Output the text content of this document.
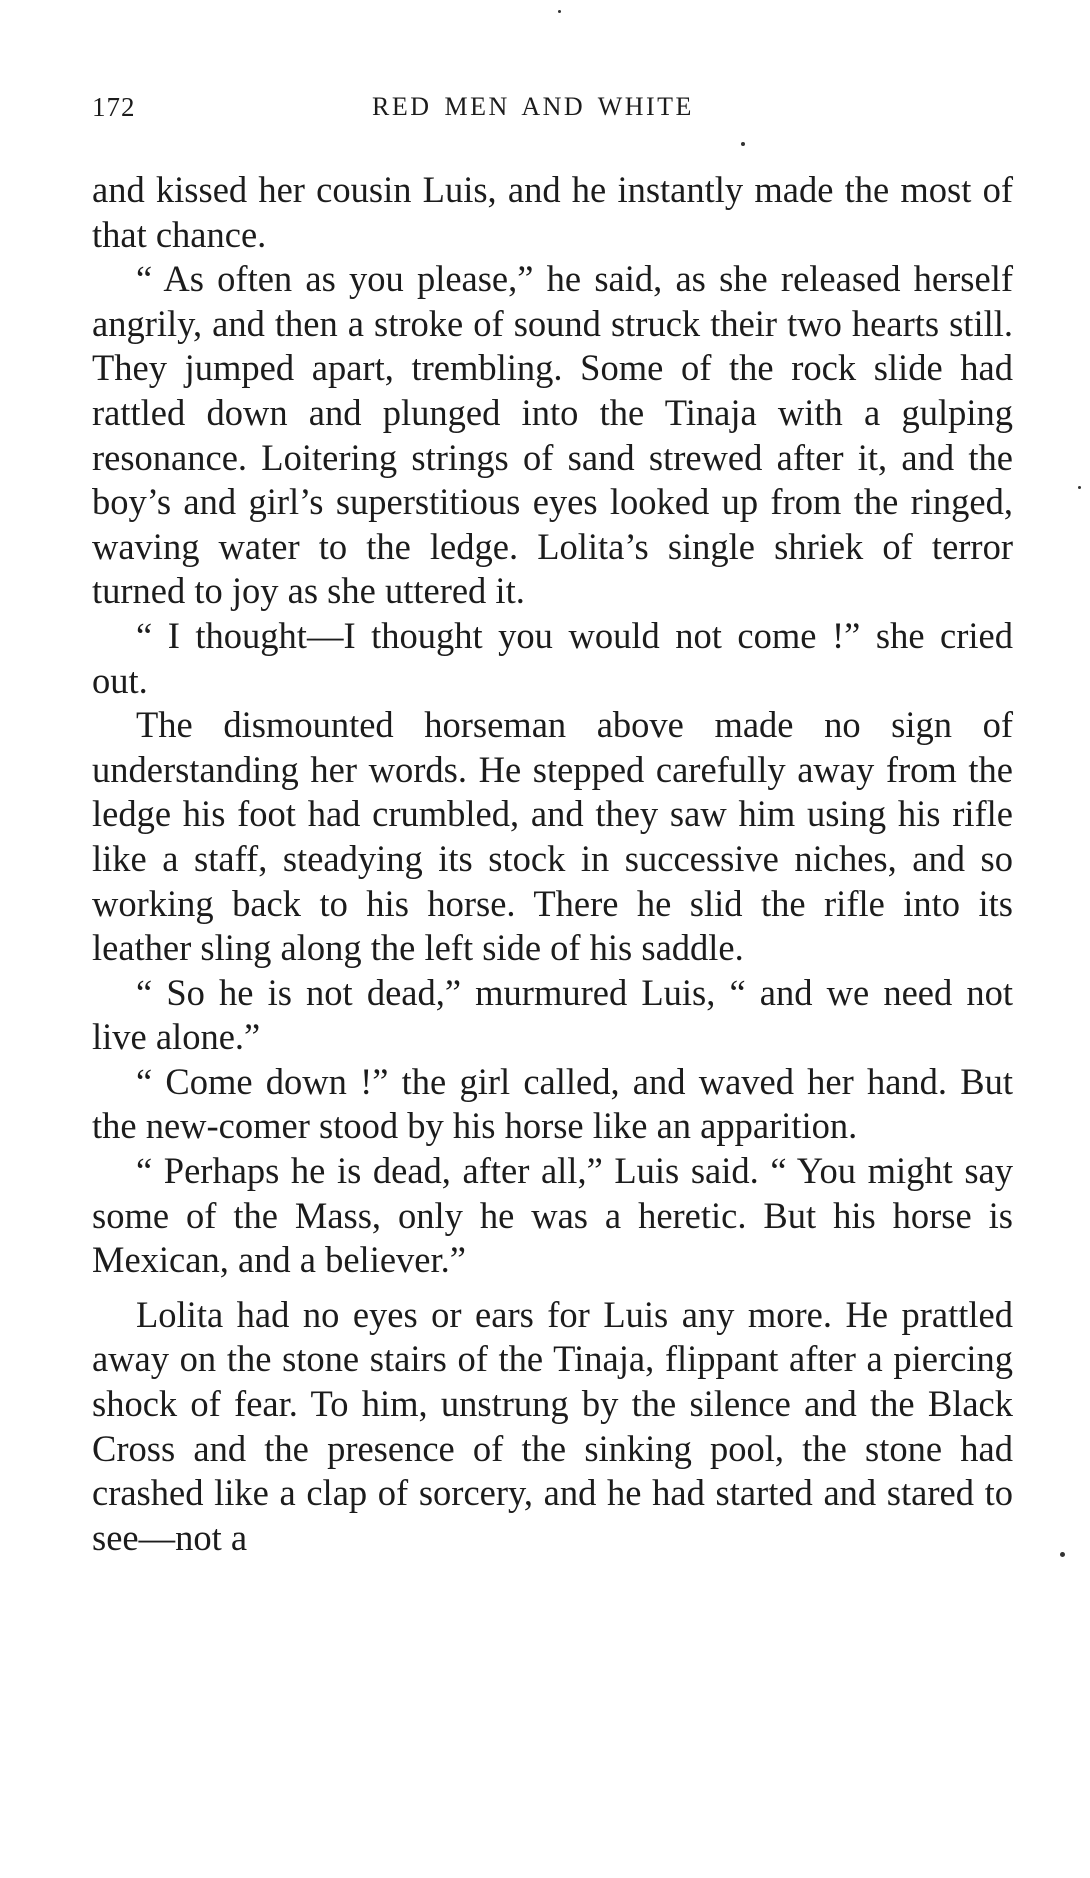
172	RED MEN AND WHITE

and kissed her cousin Luis, and he instantly made the most of that chance.

“ As often as you please,” he said, as she released herself angrily, and then a stroke of sound struck their two hearts still. They jumped apart, trembling. Some of the rock slide had rattled down and plunged into the Tinaja with a gulping resonance. Loitering strings of sand strewed after it, and the boy’s and girl’s superstitious eyes looked up from the ringed, waving water to the ledge. Lolita’s single shriek of terror turned to joy as she uttered it.

“ I thought—I thought you would not come !” she cried out.

The dismounted horseman above made no sign of understanding her words. He stepped carefully away from the ledge his foot had crumbled, and they saw him using his rifle like a staff, steadying its stock in successive niches, and so working back to his horse. There he slid the rifle into its leather sling along the left side of his saddle.

“ So he is not dead,” murmured Luis, “ and we need not live alone.”

“ Come down !” the girl called, and waved her hand. But the new-comer stood by his horse like an apparition.

“ Perhaps he is dead, after all,” Luis said. “ You might say some of the Mass, only he was a heretic. But his horse is Mexican, and a believer.”

Lolita had no eyes or ears for Luis any more. He prattled away on the stone stairs of the Tinaja, flippant after a piercing shock of fear. To him, unstrung by the silence and the Black Cross and the presence of the sinking pool, the stone had crashed like a clap of sorcery, and he had started and stared to see—not a
